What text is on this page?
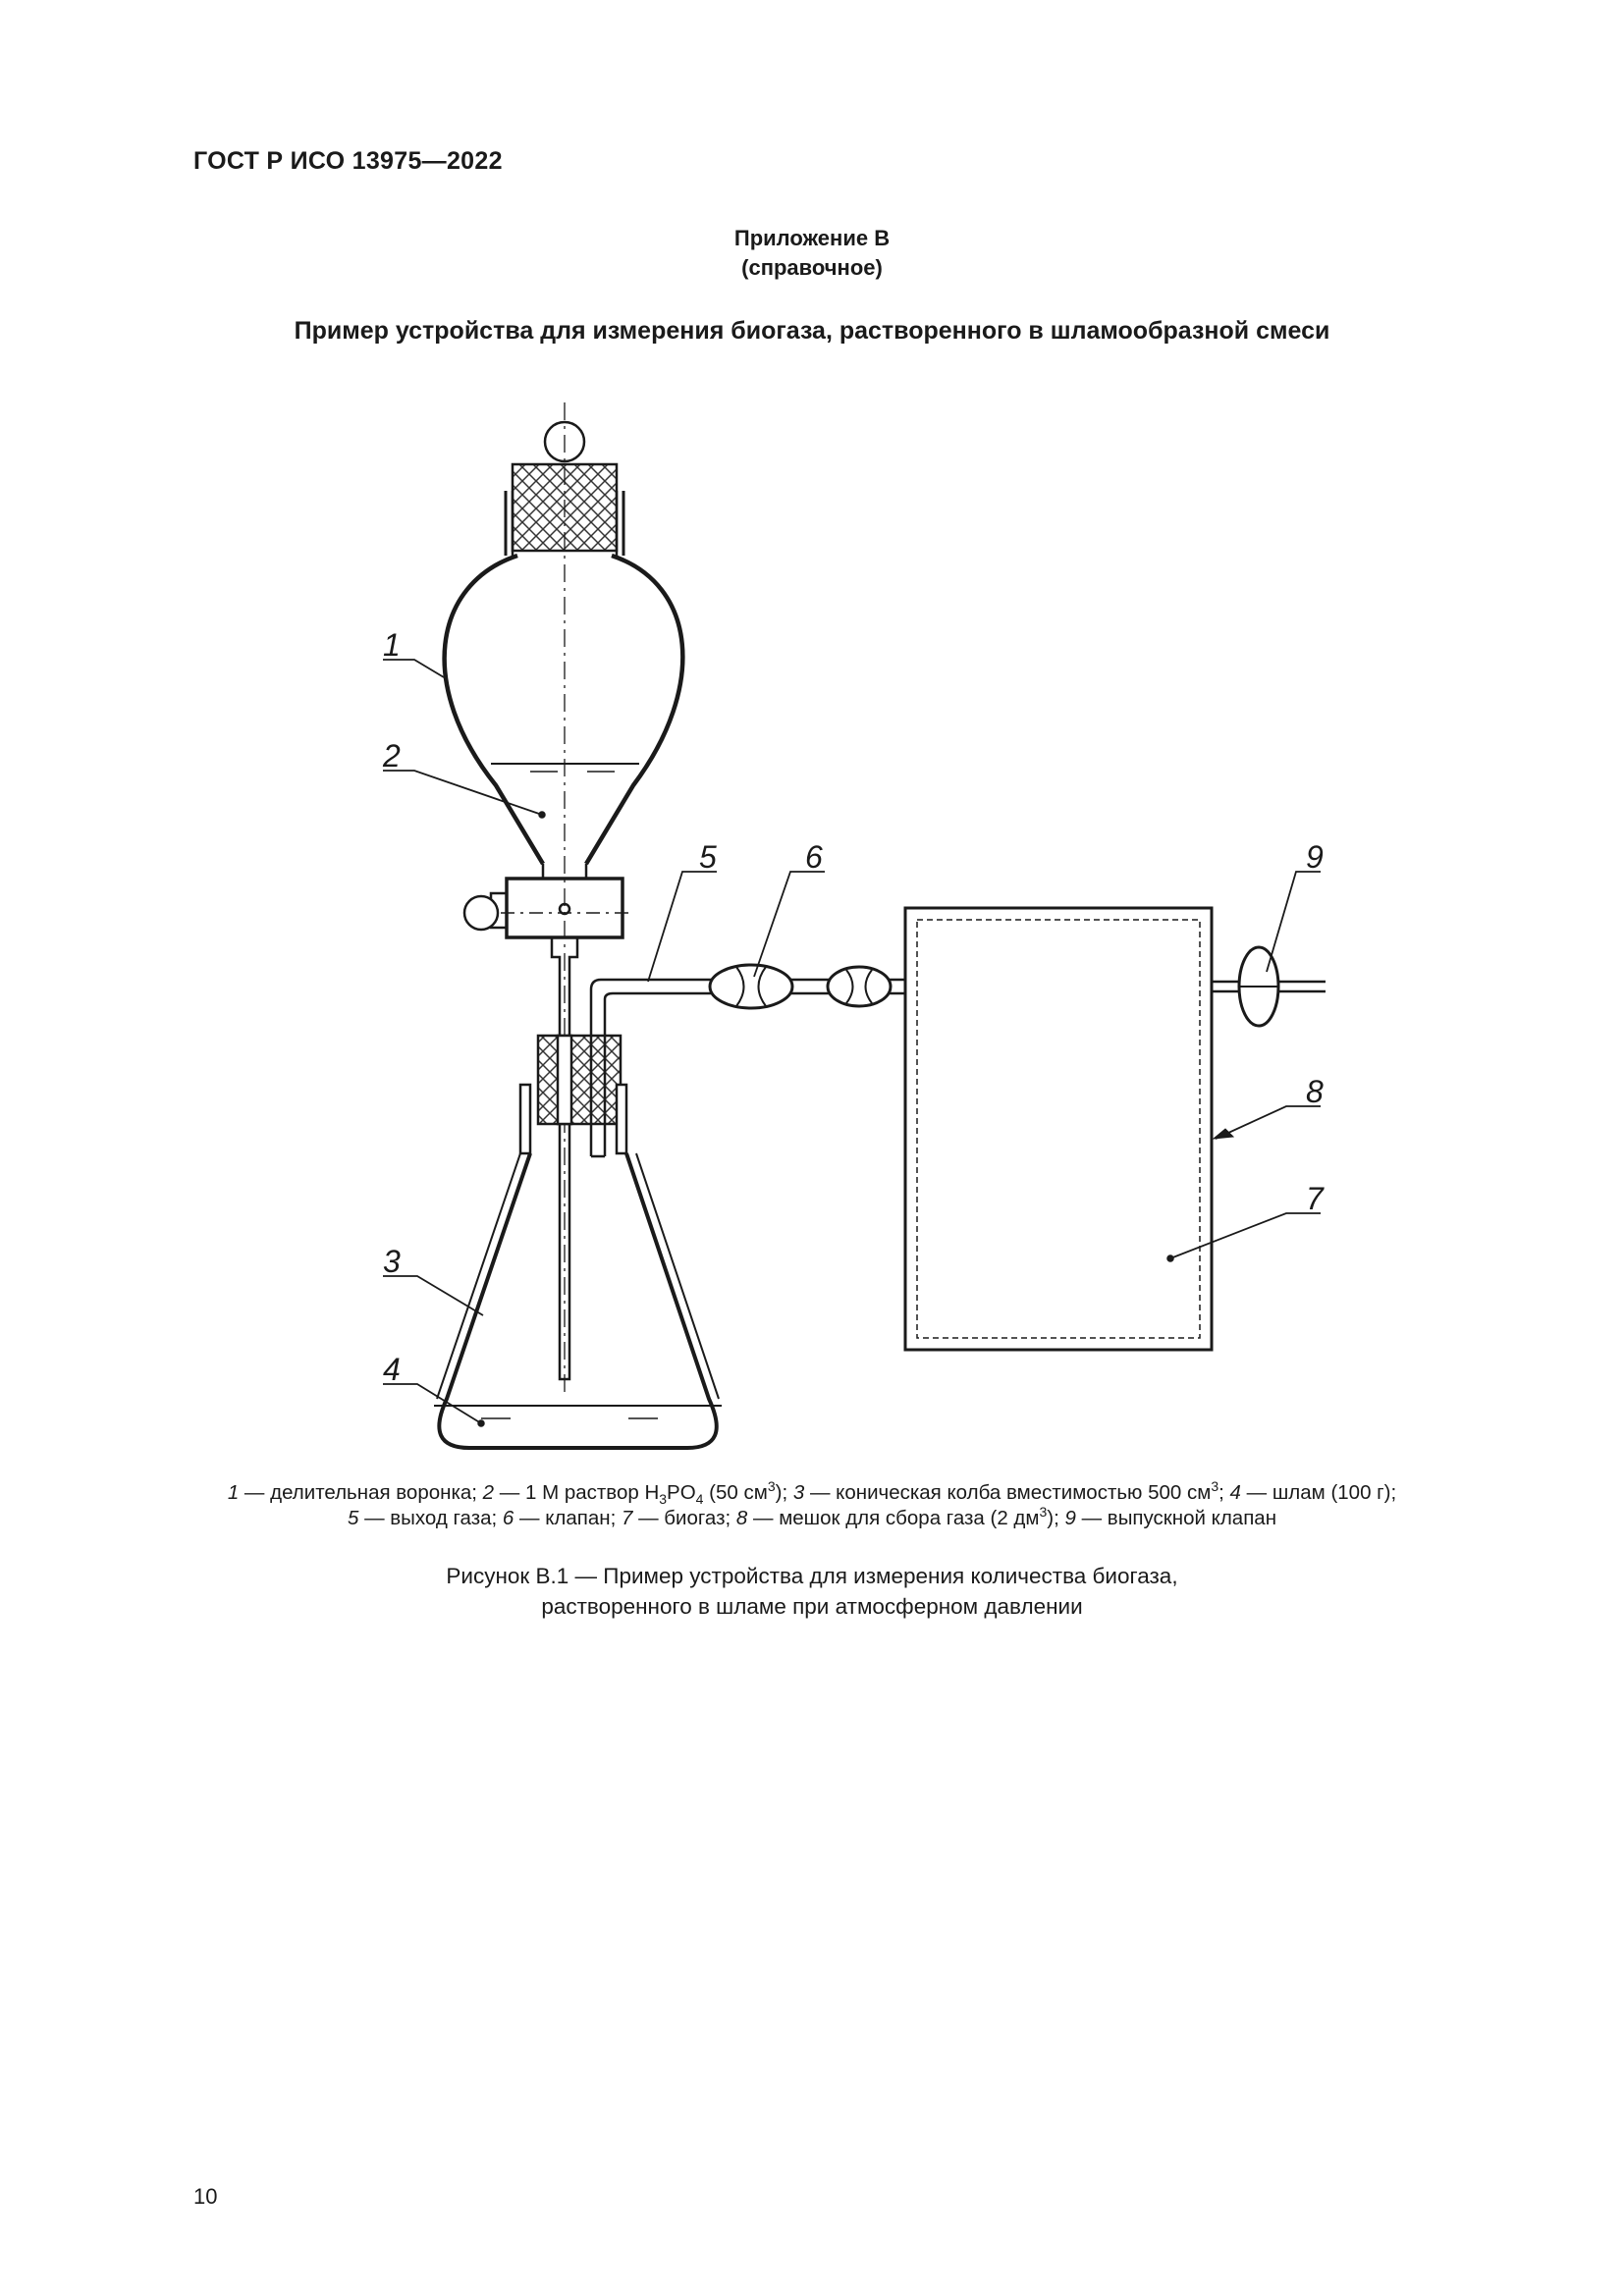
ГОСТ Р ИСО 13975—2022
Приложение В
(справочное)
Пример устройства для измерения биогаза, растворенного в шламообразной смеси
1
2
3
4
5	6
7
8
9
1 — делительная воронка; 2 — 1 М раствор $H_3PO_4$ (50 $см^3$); 3 — коническая колба вместимостью 500 $см^3$; 4 — шлам (100 г);
5 — выход газа; 6 — клапан; 7 — биогаз; 8 — мешок для сбора газа (2 $дм^3$); 9 — выпускной клапан
Рисунок В.1 — Пример устройства для измерения количества биогаза,
растворенного в шламе при атмосферном давлении
10
